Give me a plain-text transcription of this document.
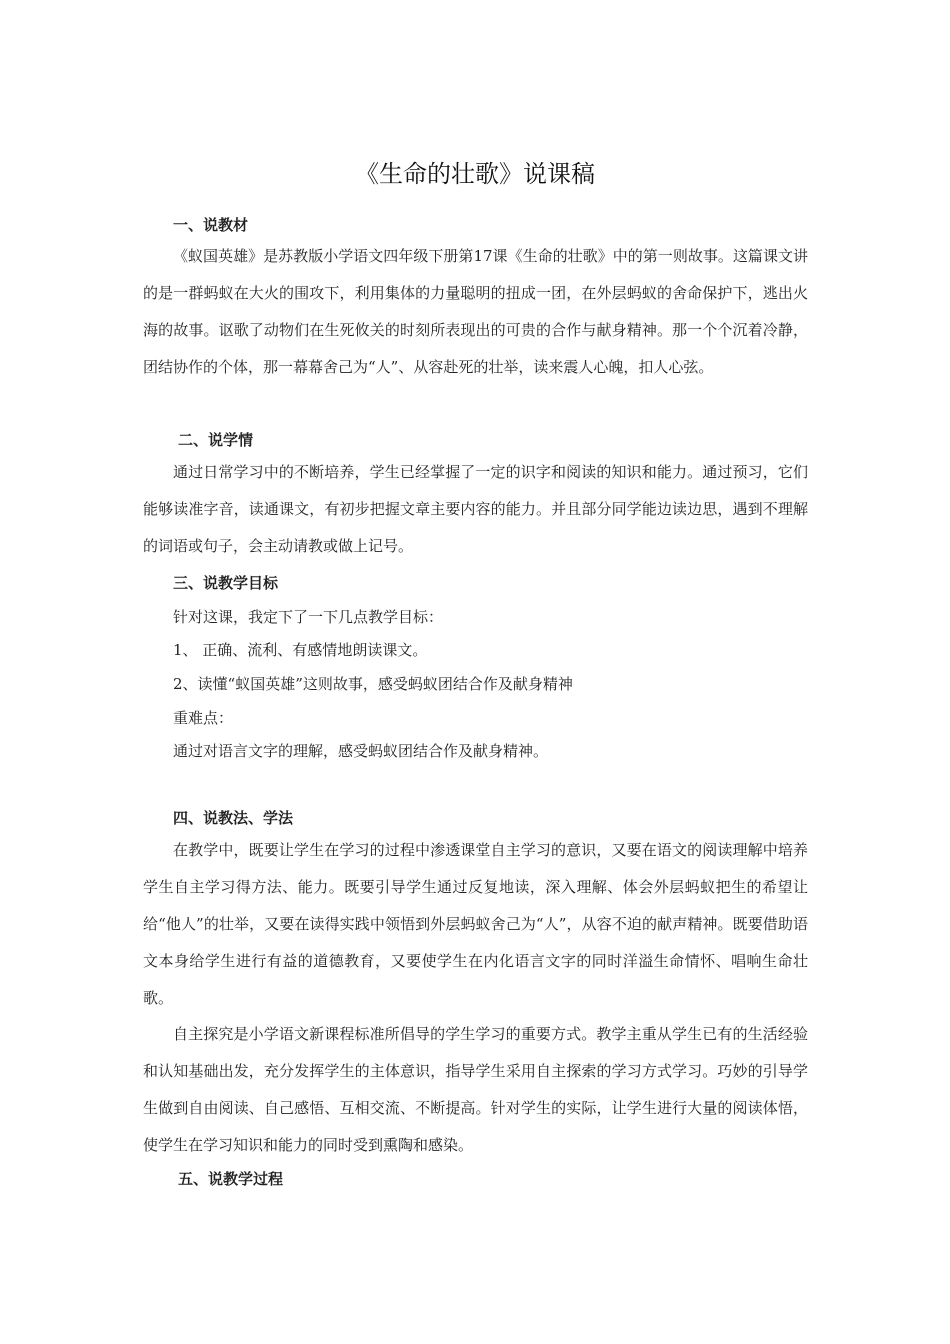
《生命的壮歌》说课稿
一、说教材
《蚁国英雄》是苏教版小学语文四年级下册第17课《生命的壮歌》中的第一则故事。这篇课文讲的是一群蚂蚁在大火的围攻下，利用集体的力量聪明的扭成一团，在外层蚂蚁的舍命保护下，逃出火海的故事。讴歌了动物们在生死攸关的时刻所表现出的可贵的合作与献身精神。那一个个沉着冷静，团结协作的个体，那一幕幕舍己为“人”、从容赴死的壮举，读来震人心魄，扣人心弦。
二、说学情
通过日常学习中的不断培养，学生已经掌握了一定的识字和阅读的知识和能力。通过预习，它们能够读准字音，读通课文，有初步把握文章主要内容的能力。并且部分同学能边读边思，遇到不理解的词语或句子，会主动请教或做上记号。
三、说教学目标
针对这课，我定下了一下几点教学目标：
1、 正确、流利、有感情地朗读课文。
2、读懂“蚁国英雄”这则故事，感受蚂蚁团结合作及献身精神
重难点：
通过对语言文字的理解，感受蚂蚁团结合作及献身精神。
四、说教法、学法
在教学中，既要让学生在学习的过程中渗透课堂自主学习的意识，又要在语文的阅读理解中培养学生自主学习得方法、能力。既要引导学生通过反复地读，深入理解、体会外层蚂蚁把生的希望让给“他人”的壮举，又要在读得实践中领悟到外层蚂蚁舍己为“人”，从容不迫的献声精神。既要借助语文本身给学生进行有益的道德教育，又要使学生在内化语言文字的同时洋溢生命情怀、唱响生命壮歌。
自主探究是小学语文新课程标准所倡导的学生学习的重要方式。教学主重从学生已有的生活经验和认知基础出发，充分发挥学生的主体意识，指导学生采用自主探索的学习方式学习。巧妙的引导学生做到自由阅读、自己感悟、互相交流、不断提高。针对学生的实际，让学生进行大量的阅读体悟，使学生在学习知识和能力的同时受到熏陶和感染。
五、说教学过程
